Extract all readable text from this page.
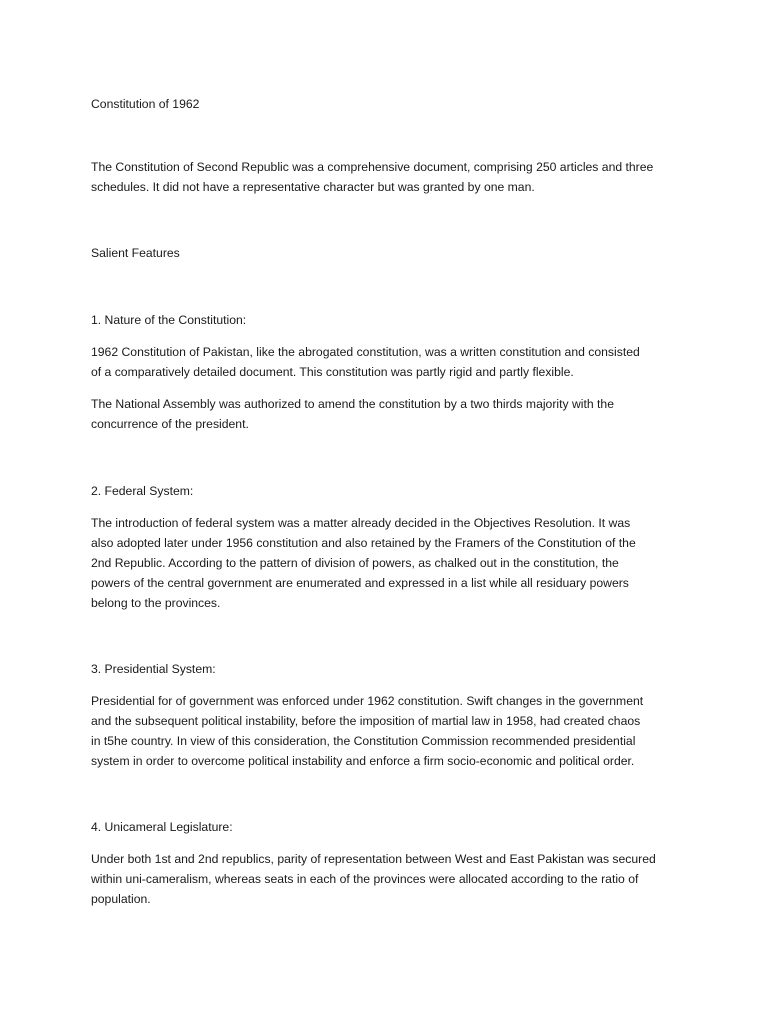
Constitution of 1962
The Constitution of Second Republic was a comprehensive document, comprising 250 articles and three
schedules. It did not have a representative character but was granted by one man.
Salient Features
1. Nature of the Constitution:
1962 Constitution of Pakistan, like the abrogated constitution, was a written constitution and consisted
of a comparatively detailed document. This constitution was partly rigid and partly flexible.
The National Assembly was authorized to amend the constitution by a two thirds majority with the
concurrence of the president.
2. Federal System:
The introduction of federal system was a matter already decided in the Objectives Resolution. It was
also adopted later under 1956 constitution and also retained by the Framers of the Constitution of the
2nd Republic. According to the pattern of division of powers, as chalked out in the constitution, the
powers of the central government are enumerated and expressed in a list while all residuary powers
belong to the provinces.
3. Presidential System:
Presidential for of government was enforced under 1962 constitution. Swift changes in the government
and the subsequent political instability, before the imposition of martial law in 1958, had created chaos
in t5he country. In view of this consideration, the Constitution Commission recommended presidential
system in order to overcome political instability and enforce a firm socio-economic and political order.
4. Unicameral Legislature:
Under both 1st and 2nd republics, parity of representation between West and East Pakistan was secured
within uni-cameralism, whereas seats in each of the provinces were allocated according to the ratio of
population.
